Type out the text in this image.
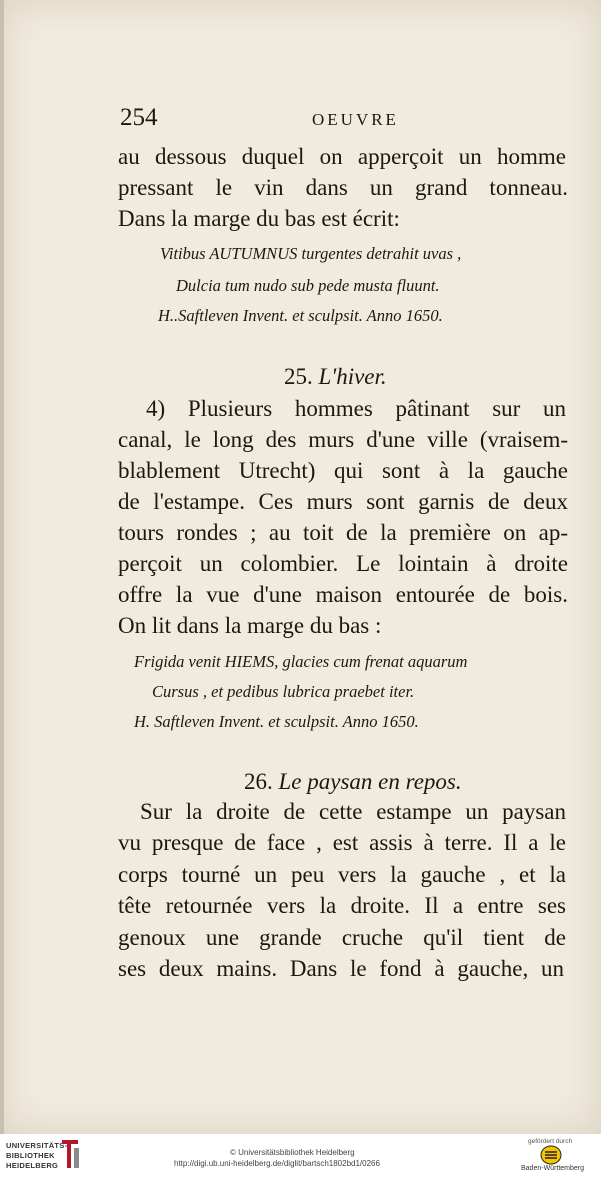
254	OEUVRE
au dessous duquel on apperçoit un homme
pressant le vin dans un grand tonneau.
Dans la marge du bas est écrit:
Vitibus AUTUMNUS turgentes detrahit uvas ,
Dulcia tum nudo sub pede musta fluunt.
H..Saftleven Invent. et sculpsit. Anno 1650.
25. L'hiver.
4) Plusieurs hommes pâtinant sur un
canal, le long des murs d'une ville (vraisem-
blablement Utrecht) qui sont à la gauche
de l'estampe. Ces murs sont garnis de deux
tours rondes ; au toit de la première on ap-
perçoit un colombier. Le lointain à droite
offre la vue d'une maison entourée de bois.
On lit dans la marge du bas :
Frigida venit HIEMS, glacies cum frenat aquarum
Cursus , et pedibus lubrica praebet iter.
H. Saftleven Invent. et sculpsit. Anno 1650.
26. Le paysan en repos.
Sur la droite de cette estampe un paysan
vu presque de face , est assis à terre. Il a le
corps tourné un peu vers la gauche , et la
tête retournée vers la droite. Il a entre ses
genoux une grande cruche qu'il tient de
ses deux mains. Dans le fond à gauche, un
UNIVERSITÄTS-
BIBLIOTHEK
HEIDELBERG
© Universitätsbibliothek Heidelberg
http://digi.ub.uni-heidelberg.de/diglit/bartsch1802bd1/0266
gefördert durch
Baden-Württemberg
